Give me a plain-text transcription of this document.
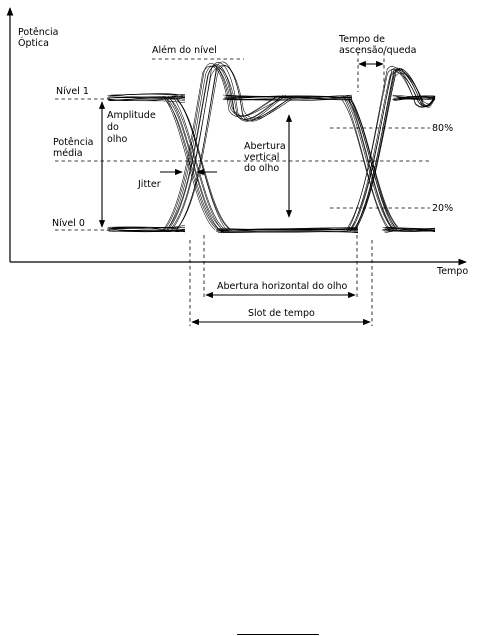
Potência
Óptica
Tempo
Nível 1
Nível 0
Potência
média
Amplitude
do
olho
Além do nível
Tempo de
ascensão/queda
80%
20%
Abertura
vertical
do olho
Jitter
Abertura horizontal do olho
Slot de tempo
